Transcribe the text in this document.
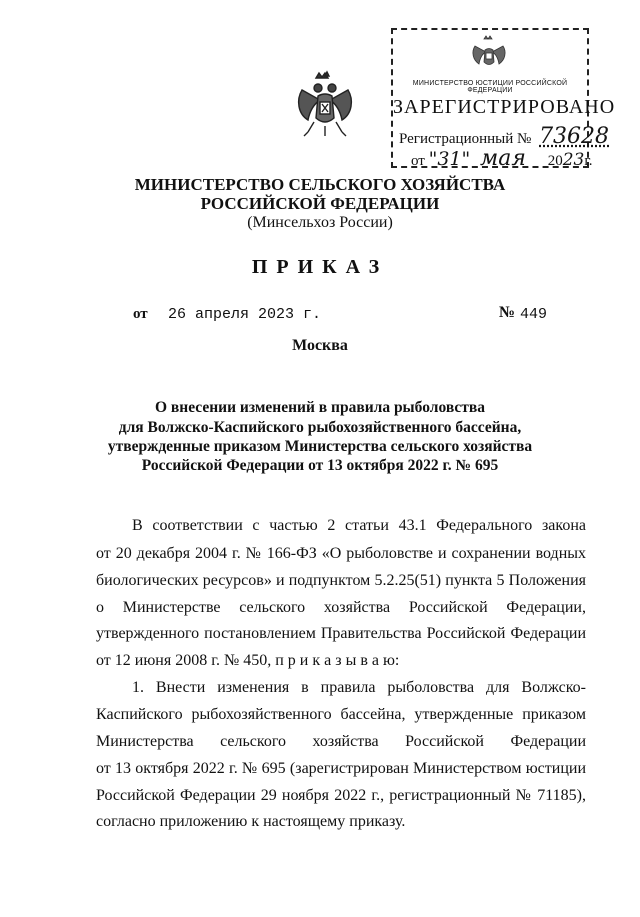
МИНИСТЕРСТВО ЮСТИЦИИ РОССИЙСКОЙ ФЕДЕРАЦИИ
ЗАРЕГИСТРИРОВАНО
Регистрационный № 73628
от "31" мая 2023г.
МИНИСТЕРСТВО СЕЛЬСКОГО ХОЗЯЙСТВА
РОССИЙСКОЙ ФЕДЕРАЦИИ
(Минсельхоз России)
ПРИКАЗ
от 26 апреля 2023 г.	№ 449
Москва
О внесении изменений в правила рыболовства
для Волжско-Каспийского рыбохозяйственного бассейна,
утвержденные приказом Министерства сельского хозяйства
Российской Федерации от 13 октября 2022 г. № 695
В соответствии с частью 2 статьи 43.1 Федерального закона
от 20 декабря 2004 г. № 166-ФЗ «О рыболовстве и сохранении водных
биологических ресурсов» и подпунктом 5.2.25(51) пункта 5 Положения
о Министерстве сельского хозяйства Российской Федерации,
утвержденного постановлением Правительства Российской Федерации
от 12 июня 2008 г. № 450, п р и к а з ы в а ю:
1. Внести изменения в правила рыболовства для Волжско-
Каспийского рыбохозяйственного бассейна, утвержденные приказом
Министерства сельского хозяйства Российской Федерации
от 13 октября 2022 г. № 695 (зарегистрирован Министерством юстиции
Российской Федерации 29 ноября 2022 г., регистрационный № 71185),
согласно приложению к настоящему приказу.
